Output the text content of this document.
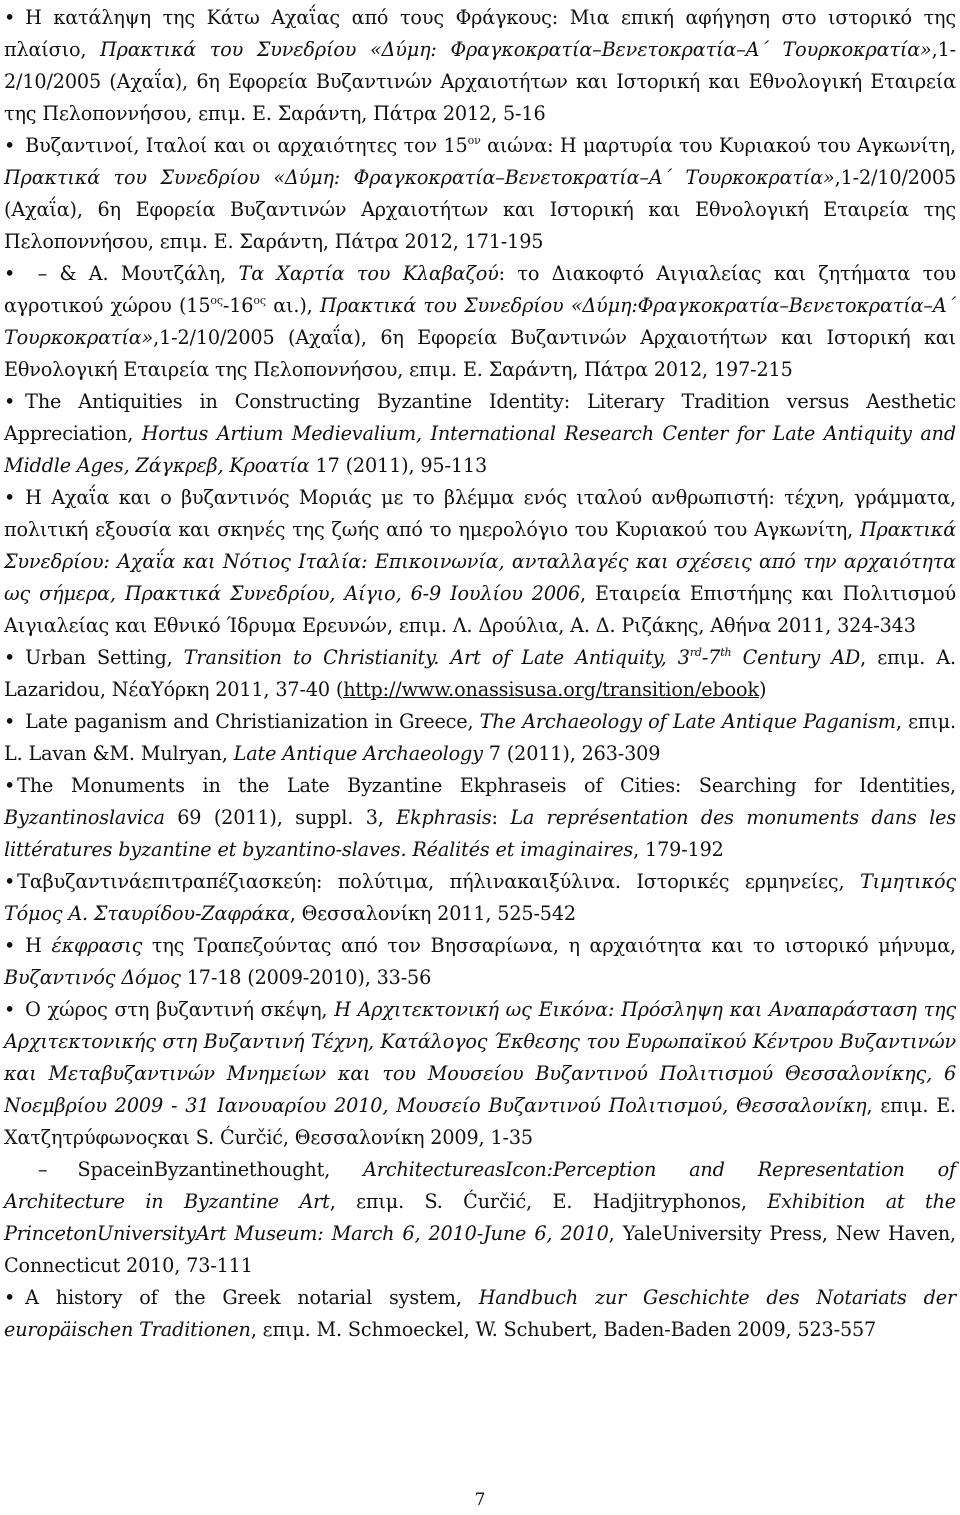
• Η κατάληψη της Κάτω Αχαΐας από τους Φράγκους: Μια επική αφήγηση στο ιστορικό της πλαίσιο, Πρακτικά του Συνεδρίου «Δύμη: Φραγκοκρατία–Βενετοκρατία–Α΄ Τουρκοκρατία»,1-2/10/2005 (Αχαΐα), 6η Εφορεία Βυζαντινών Αρχαιοτήτων και Ιστορική και Εθνολογική Εταιρεία της Πελοποννήσου, επιμ. Ε. Σαράντη, Πάτρα 2012, 5-16

• Βυζαντινοί, Ιταλοί και οι αρχαιότητες τον $15^{o\nu}$ αιώνα: Η μαρτυρία του Κυριακού του Αγκωνίτη, Πρακτικά του Συνεδρίου «Δύμη: Φραγκοκρατία–Βενετοκρατία–Α΄ Τουρκοκρατία»,1-2/10/2005 (Αχαΐα), 6η Εφορεία Βυζαντινών Αρχαιοτήτων και Ιστορική και Εθνολογική Εταιρεία της Πελοποννήσου, επιμ. Ε. Σαράντη, Πάτρα 2012, 171-195

• – & Α. Μουτζάλη, Τα Χαρτία του Κλαβαζού: το Διακοφτό Αιγιαλείας και ζητήματα του αγροτικού χώρου ($15^{o\varsigma}-16^{o\varsigma}$ αι.), Πρακτικά του Συνεδρίου «Δύμη:Φραγκοκρατία–Βενετοκρατία–Α΄ Τουρκοκρατία»,1-2/10/2005 (Αχαΐα), 6η Εφορεία Βυζαντινών Αρχαιοτήτων και Ιστορική και Εθνολογική Εταιρεία της Πελοποννήσου, επιμ. Ε. Σαράντη, Πάτρα 2012, 197-215

• The Antiquities in Constructing Byzantine Identity: Literary Tradition versus Aesthetic Appreciation, Hortus Artium Medievalium, International Research Center for Late Antiquity and Middle Ages, Ζάγκρεβ, Κροατία 17 (2011), 95-113

• Η Αχαΐα και ο βυζαντινός Μοριάς με το βλέμμα ενός ιταλού ανθρωπιστή: τέχνη, γράμματα, πολιτική εξουσία και σκηνές της ζωής από το ημερολόγιο του Κυριακού του Αγκωνίτη, Πρακτικά Συνεδρίου: Αχαΐα και Νότιος Ιταλία: Επικοινωνία, ανταλλαγές και σχέσεις από την αρχαιότητα ως σήμερα, Πρακτικά Συνεδρίου, Αίγιο, 6-9 Ιουλίου 2006, Εταιρεία Επιστήμης και Πολιτισμού Αιγιαλείας και Εθνικό Ίδρυμα Ερευνών, επιμ. Λ. Δρούλια, Α. Δ. Ριζάκης, Αθήνα 2011, 324-343

• Urban Setting, Transition to Christianity. Art of Late Antiquity, 3rd-7th Century AD, επιμ. A. Lazaridou, ΝέαΥόρκη 2011, 37-40 (http://www.onassisusa.org/transition/ebook)

• Late paganism and Christianization in Greece, The Archaeology of Late Antique Paganism, επιμ. L. Lavan &M. Mulryan, Late Antique Archaeology 7 (2011), 263-309

• The Monuments in the Late Byzantine Ekphraseis of Cities: Searching for Identities, Byzantinoslavica 69 (2011), suppl. 3, Ekphrasis: La représentation des monuments dans les littératures byzantine et byzantino-slaves. Réalités et imaginaires, 179-192

• Ταβυζαντινάεπιτραπέζιασκεύη: πολύτιμα, πήλινακαιξύλινα. Ιστορικές ερμηνείες, Τιμητικός Τόμος Α. Σταυρίδου-Ζαφράκα, Θεσσαλονίκη 2011, 525-542

• Η έκφρασις της Τραπεζούντας από τον Βησσαρίωνα, η αρχαιότητα και το ιστορικό μήνυμα, Βυζαντινός Δόμος 17-18 (2009-2010), 33-56

• Ο χώρος στη βυζαντινή σκέψη, Η Αρχιτεκτονική ως Εικόνα: Πρόσληψη και Αναπαράσταση της Αρχιτεκτονικής στη Βυζαντινή Τέχνη, Κατάλογος Έκθεσης του Ευρωπαϊκού Κέντρου Βυζαντινών και Μεταβυζαντινών Μνημείων και του Μουσείου Βυζαντινού Πολιτισμού Θεσσαλονίκης, 6 Νοεμβρίου 2009 - 31 Ιανουαρίου 2010, Μουσείο Βυζαντινού Πολιτισμού, Θεσσαλονίκη, επιμ. Ε. Χατζητρύφωνοςκαι S. Ćurčić, Θεσσαλονίκη 2009, 1-35

– SpaceinByzantinethought, ArchitectureasIcon:Perception and Representation of Architecture in Byzantine Art, επιμ. S. Ćurčić, E. Hadjitryphonos, Exhibition at the PrincetonUniversityArt Museum: March 6, 2010-June 6, 2010, YaleUniversity Press, New Haven, Connecticut 2010, 73-111

• A history of the Greek notarial system, Handbuch zur Geschichte des Notariats der europäischen Traditionen, επιμ. M. Schmoeckel, W. Schubert, Baden-Baden 2009, 523-557

7
